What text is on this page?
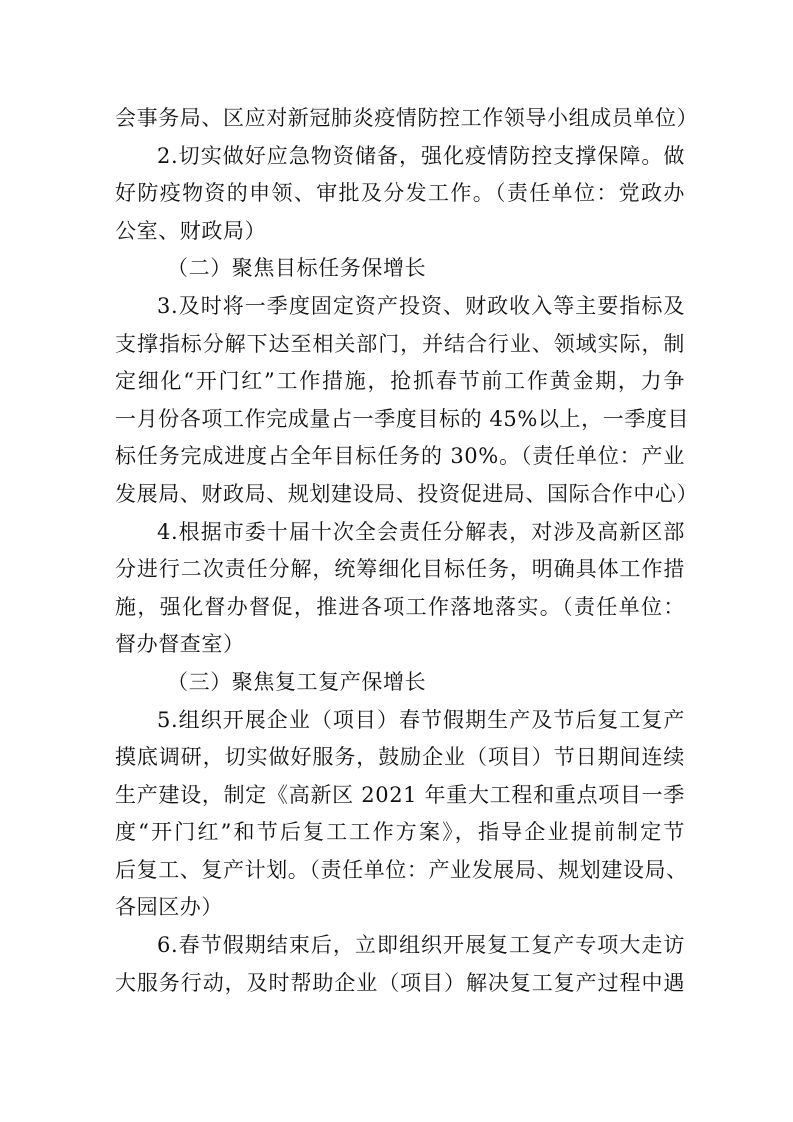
会事务局、区应对新冠肺炎疫情防控工作领导小组成员单位）
2.切实做好应急物资储备，强化疫情防控支撑保障。做
好防疫物资的申领、审批及分发工作。（责任单位：党政办
公室、财政局）
（二）聚焦目标任务保增长
3.及时将一季度固定资产投资、财政收入等主要指标及
支撑指标分解下达至相关部门，并结合行业、领域实际，制
定细化“开门红”工作措施，抢抓春节前工作黄金期，力争
一月份各项工作完成量占一季度目标的 45%以上，一季度目
标任务完成进度占全年目标任务的 30%。（责任单位：产业
发展局、财政局、规划建设局、投资促进局、国际合作中心）
4.根据市委十届十次全会责任分解表，对涉及高新区部
分进行二次责任分解，统筹细化目标任务，明确具体工作措
施，强化督办督促，推进各项工作落地落实。（责任单位：
督办督查室）
（三）聚焦复工复产保增长
5.组织开展企业（项目）春节假期生产及节后复工复产
摸底调研，切实做好服务，鼓励企业（项目）节日期间连续
生产建设，制定《高新区 2021 年重大工程和重点项目一季
度“开门红”和节后复工工作方案》，指导企业提前制定节
后复工、复产计划。（责任单位：产业发展局、规划建设局、
各园区办）
6.春节假期结束后，立即组织开展复工复产专项大走访
大服务行动，及时帮助企业（项目）解决复工复产过程中遇
